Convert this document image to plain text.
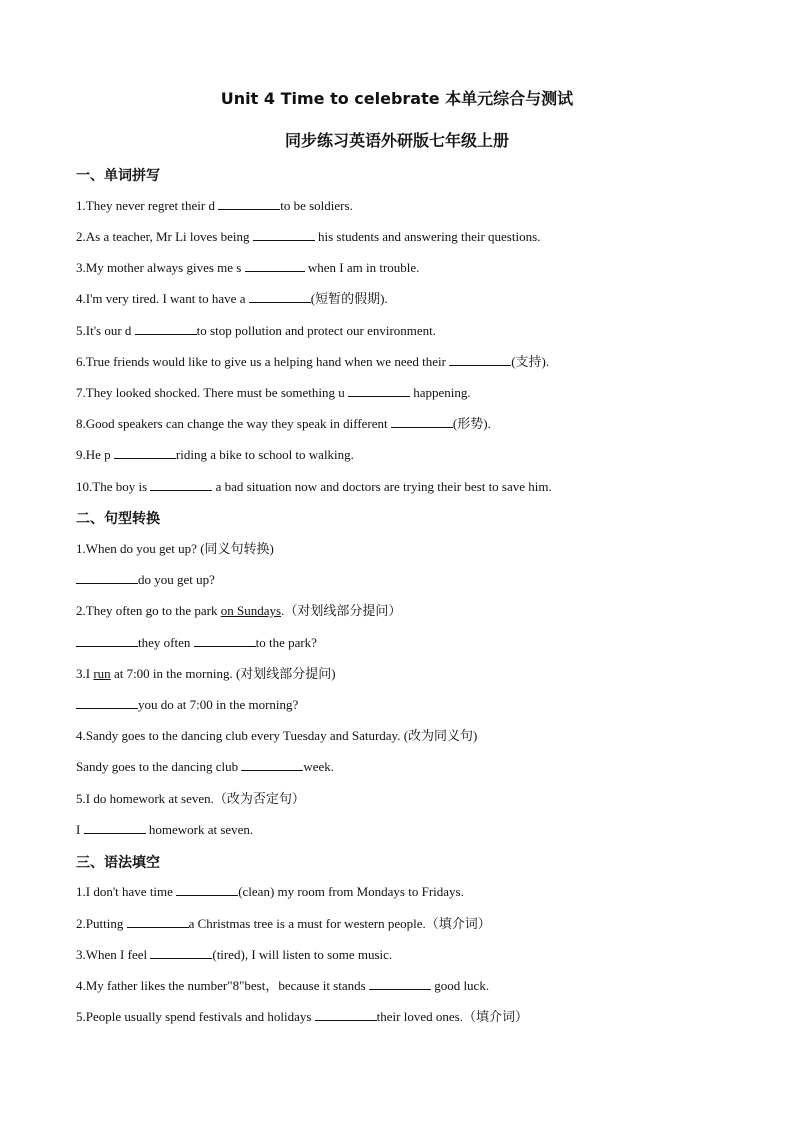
Unit 4 Time to celebrate 本单元综合与测试
同步练习英语外研版七年级上册
一、单词拼写
1.They never regret their d	to be soldiers.
2.As a teacher, Mr Li loves being	his students and answering their questions.
3.My mother always gives me s	when I am in trouble.
4.I'm very tired. I want to have a	(短暂的假期).
5.It's our d	to stop pollution and protect our environment.
6.True friends would like to give us a helping hand when we need their	(支持).
7.They looked shocked. There must be something u	happening.
8.Good speakers can change the way they speak in different	(形势).
9.He p	riding a bike to school to walking.
10.The boy is	a bad situation now and doctors are trying their best to save him.
二、句型转换
1.When do you get up? (同义句转换)
do you get up?
2.They often go to the park on Sundays.（对划线部分提问）
they often	to the park?
3.I run at 7:00 in the morning. (对划线部分提问)
you do at 7:00 in the morning?
4.Sandy goes to the dancing club every Tuesday and Saturday. (改为同义句)
Sandy goes to the dancing club	week.
5.I do homework at seven.（改为否定句）
I	homework at seven.
三、语法填空
1.I don't have time	(clean) my room from Mondays to Fridays.
2.Putting	a Christmas tree is a must for western people.（填介词）
3.When I feel	(tired), I will listen to some music.
4.My father likes the number"8"best，because it stands	good luck.
5.People usually spend festivals and holidays	their loved ones.（填介词）
